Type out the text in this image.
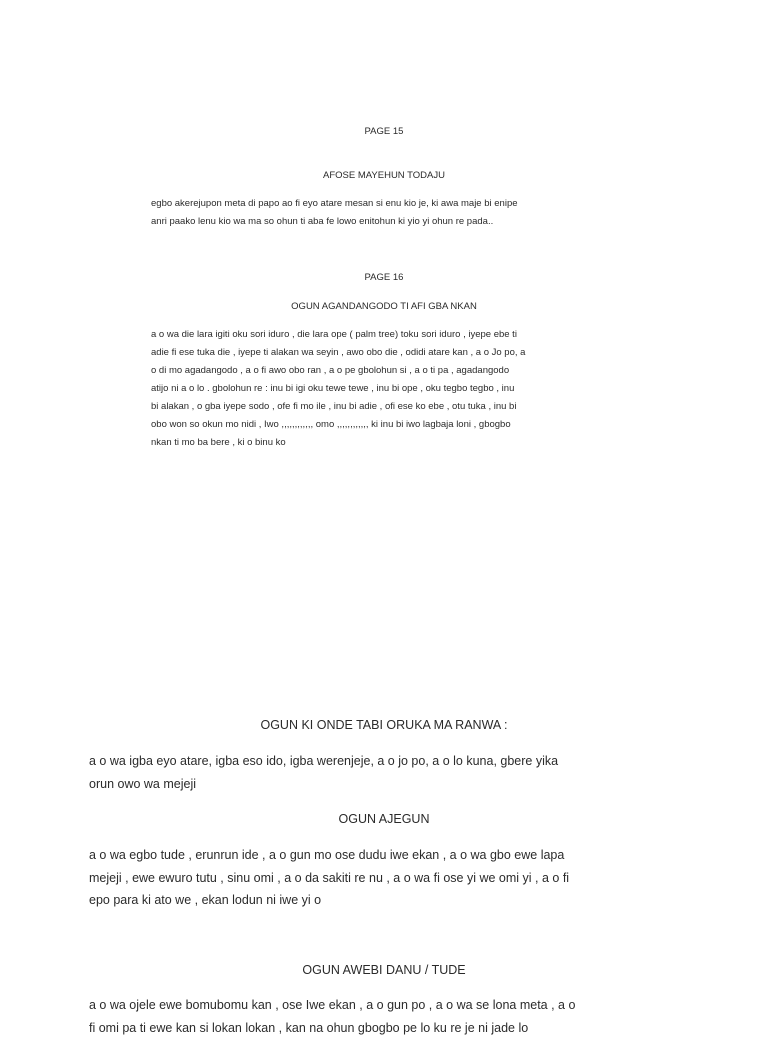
PAGE 15
AFOSE MAYEHUN TODAJU
egbo akerejupon meta di papo ao fi eyo atare mesan si enu kio je, ki awa maje bi enipe
anri paako lenu kio wa ma so ohun ti aba fe lowo enitohun ki yio yi ohun re pada..
PAGE 16
OGUN AGANDANGODO TI AFI GBA NKAN
a o wa die lara igiti oku sori iduro , die lara ope ( palm tree) toku sori iduro , iyepe ebe ti
adie fi ese tuka die , iyepe ti alakan wa seyin , awo obo die , odidi atare kan , a o Jo po, a
o di mo agadangodo , a o fi awo obo ran , a o pe gbolohun si , a o ti pa , agadangodo
atijo ni a o lo . gbolohun re : inu bi igi oku tewe tewe , inu bi ope , oku tegbo tegbo , inu
bi alakan , o gba iyepe sodo , ofe fi mo ile , inu bi adie , ofi ese ko ebe , otu tuka , inu bi
obo won so okun mo nidi , Iwo ,,,,,,,,,,,, omo ,,,,,,,,,,,, ki inu bi iwo lagbaja loni , gbogbo
nkan ti mo ba bere , ki o binu ko
OGUN KI ONDE TABI ORUKA MA RANWA :
a o wa igba eyo atare, igba eso ido, igba werenjeje, a o jo po, a o lo kuna, gbere yika
orun owo wa mejeji
OGUN AJEGUN
a o wa egbo tude , erunrun ide , a o gun mo ose dudu iwe ekan , a o wa gbo ewe lapa
mejeji , ewe ewuro tutu , sinu omi , a o da sakiti re nu , a o wa fi ose yi we omi yi , a o fi
epo para ki ato we , ekan lodun ni iwe yi o
OGUN AWEBI DANU / TUDE
a o wa ojele ewe bomubomu kan , ose Iwe ekan , a o gun po , a o wa se lona meta , a o
fi omi pa ti ewe kan si lokan lokan , kan na ohun gbogbo pe lo ku re je ni jade lo
